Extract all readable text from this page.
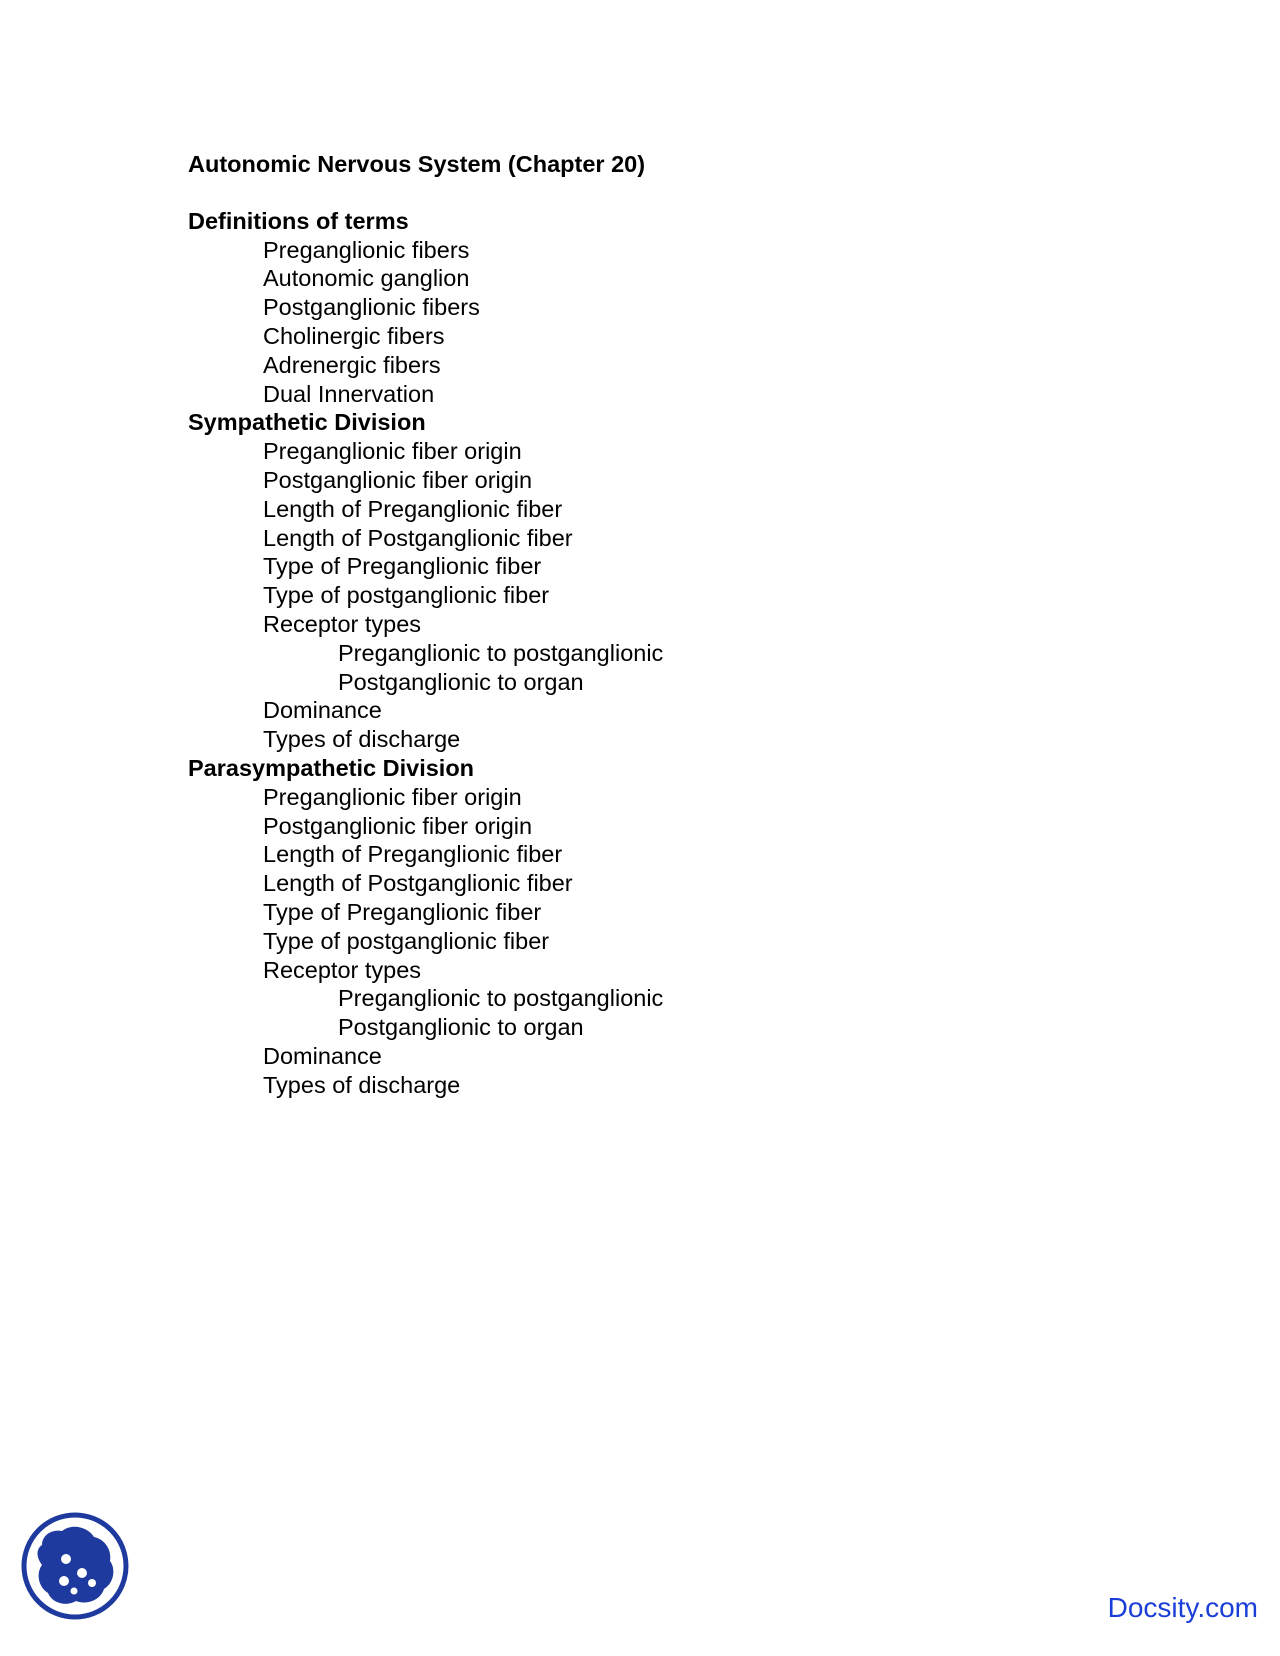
Autonomic Nervous System (Chapter 20)
Definitions of terms
Preganglionic fibers
Autonomic ganglion
Postganglionic fibers
Cholinergic fibers
Adrenergic fibers
Dual Innervation
Sympathetic Division
Preganglionic fiber origin
Postganglionic fiber origin
Length of Preganglionic fiber
Length of Postganglionic fiber
Type of Preganglionic fiber
Type of postganglionic fiber
Receptor types
Preganglionic to postganglionic
Postganglionic to organ
Dominance
Types of discharge
Parasympathetic Division
Preganglionic fiber origin
Postganglionic fiber origin
Length of Preganglionic fiber
Length of Postganglionic fiber
Type of Preganglionic fiber
Type of postganglionic fiber
Receptor types
Preganglionic to postganglionic
Postganglionic to organ
Dominance
Types of discharge
Docsity.com
